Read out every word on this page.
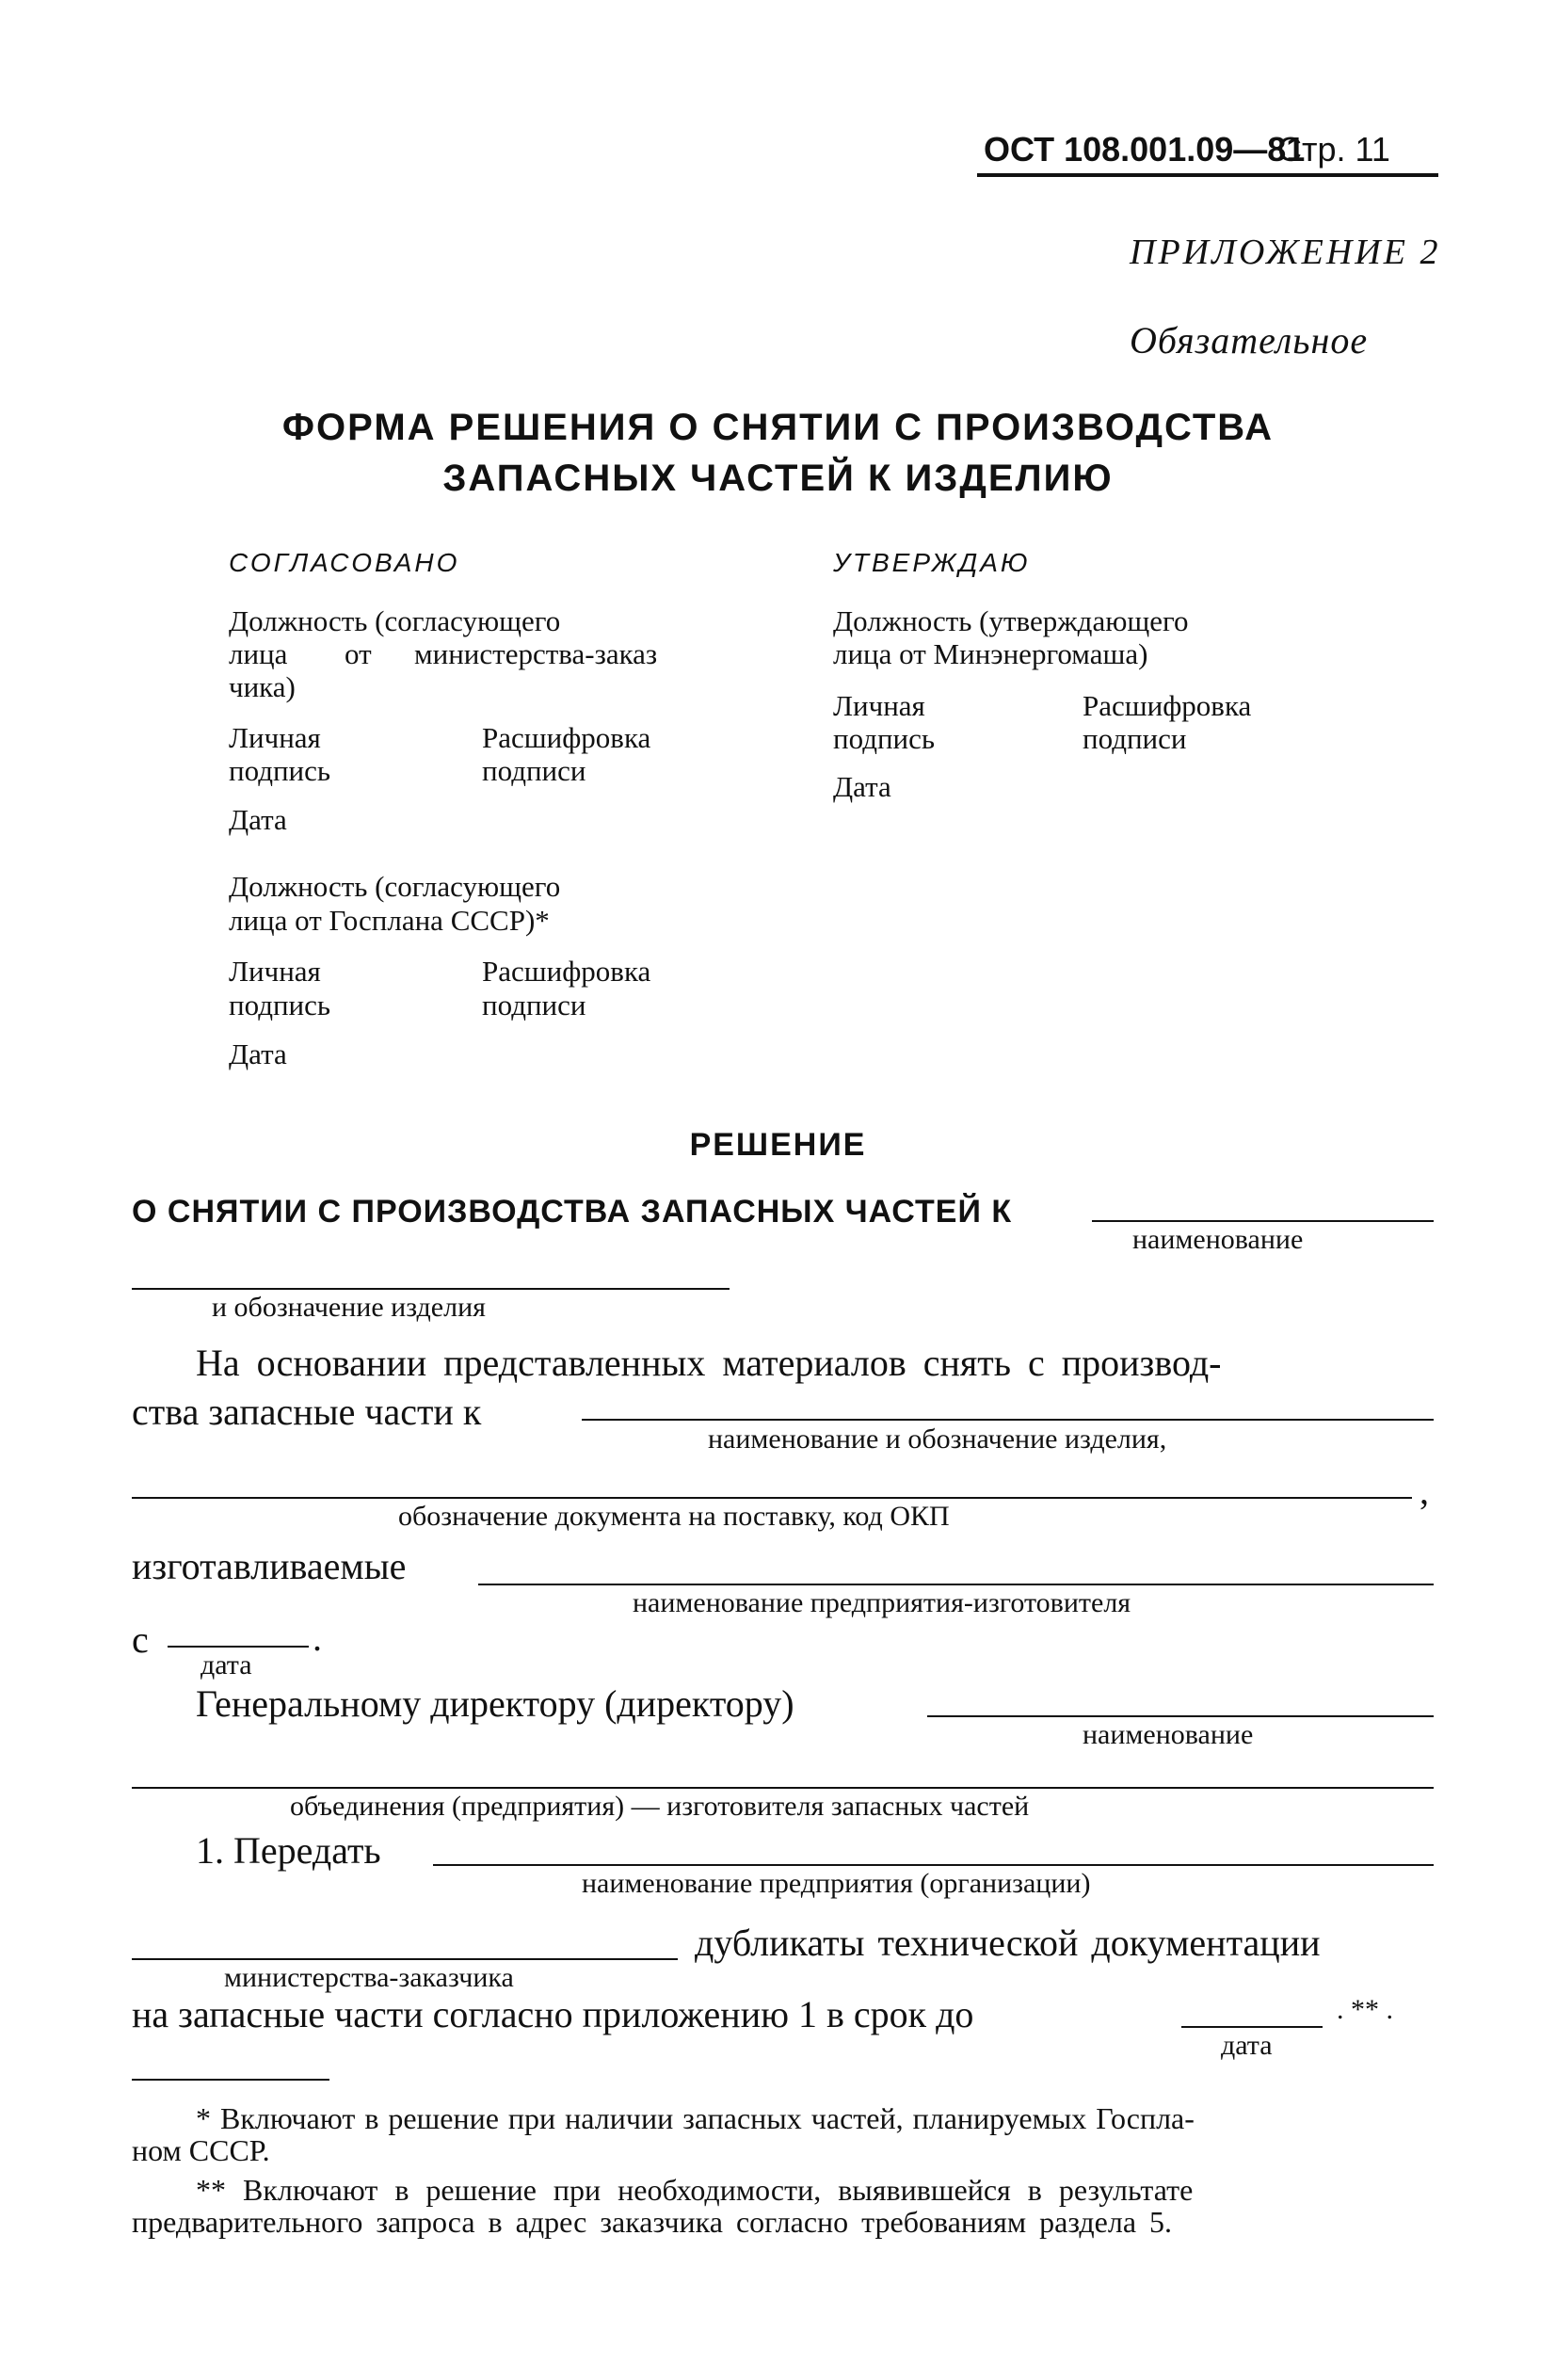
ОСТ 108.001.09—81
Стр. 11
ПРИЛОЖЕНИЕ 2
Обязательное
ФОРМА РЕШЕНИЯ О СНЯТИИ С ПРОИЗВОДСТВА
ЗАПАСНЫХ ЧАСТЕЙ К ИЗДЕЛИЮ
СОГЛАСОВАНО
Должность (согласующего
лица от министерства-заказ
чика)
Личная
подпись
Расшифровка
подписи
Дата
Должность (согласующего
лица от Госплана СССР)*
Личная
подпись
Расшифровка
подписи
Дата
УТВЕРЖДАЮ
Должность (утверждающего
лица от Минэнергомаша)
Личная
подпись
Расшифровка
подписи
Дата
РЕШЕНИЕ
О СНЯТИИ С ПРОИЗВОДСТВА ЗАПАСНЫХ ЧАСТЕЙ К
наименование
и обозначение изделия
На основании представленных материалов снять с производ-
ства запасные части к
наименование и обозначение изделия,
,
обозначение документа на поставку, код ОКП
изготавливаемые
наименование предприятия-изготовителя
с	.
дата
Генеральному директору (директору)
наименование
объединения (предприятия) — изготовителя запасных частей
1. Передать
наименование предприятия (организации)
дубликаты технической документации
министерства-заказчика
на запасные части согласно приложению 1 в срок до	. ** .
дата
* Включают в решение при наличии запасных частей, планируемых Госпла-
ном СССР.
** Включают в решение при необходимости, выявившейся в результате
предварительного запроса в адрес заказчика согласно требованиям раздела 5.
